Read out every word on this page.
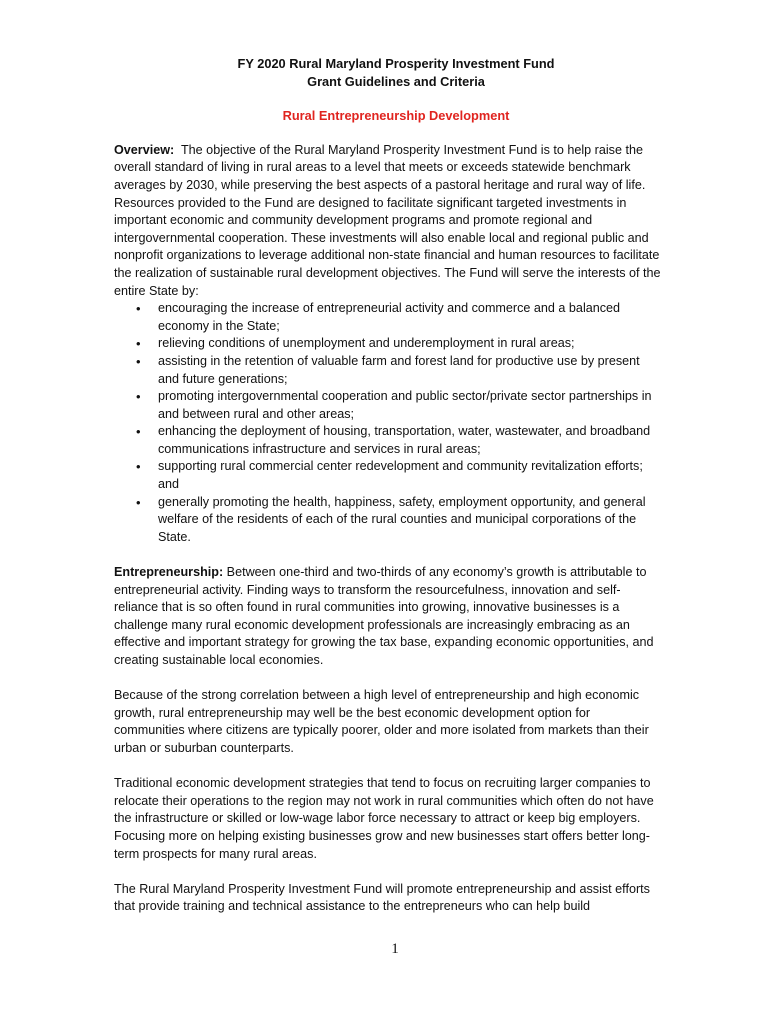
FY 2020 Rural Maryland Prosperity Investment Fund
Grant Guidelines and Criteria
Rural Entrepreneurship Development

Overview: The objective of the Rural Maryland Prosperity Investment Fund is to help raise the overall standard of living in rural areas to a level that meets or exceeds statewide benchmark averages by 2030, while preserving the best aspects of a pastoral heritage and rural way of life. Resources provided to the Fund are designed to facilitate significant targeted investments in important economic and community development programs and promote regional and intergovernmental cooperation. These investments will also enable local and regional public and nonprofit organizations to leverage additional non-state financial and human resources to facilitate the realization of sustainable rural development objectives. The Fund will serve the interests of the entire State by:

• encouraging the increase of entrepreneurial activity and commerce and a balanced economy in the State;
• relieving conditions of unemployment and underemployment in rural areas;
• assisting in the retention of valuable farm and forest land for productive use by present and future generations;
• promoting intergovernmental cooperation and public sector/private sector partnerships in and between rural and other areas;
• enhancing the deployment of housing, transportation, water, wastewater, and broadband communications infrastructure and services in rural areas;
• supporting rural commercial center redevelopment and community revitalization efforts; and
• generally promoting the health, happiness, safety, employment opportunity, and general welfare of the residents of each of the rural counties and municipal corporations of the State.

Entrepreneurship: Between one-third and two-thirds of any economy’s growth is attributable to entrepreneurial activity. Finding ways to transform the resourcefulness, innovation and self-reliance that is so often found in rural communities into growing, innovative businesses is a challenge many rural economic development professionals are increasingly embracing as an effective and important strategy for growing the tax base, expanding economic opportunities, and creating sustainable local economies.

Because of the strong correlation between a high level of entrepreneurship and high economic growth, rural entrepreneurship may well be the best economic development option for communities where citizens are typically poorer, older and more isolated from markets than their urban or suburban counterparts.

Traditional economic development strategies that tend to focus on recruiting larger companies to relocate their operations to the region may not work in rural communities which often do not have the infrastructure or skilled or low-wage labor force necessary to attract or keep big employers. Focusing more on helping existing businesses grow and new businesses start offers better long-term prospects for many rural areas.

The Rural Maryland Prosperity Investment Fund will promote entrepreneurship and assist efforts that provide training and technical assistance to the entrepreneurs who can help build

1
